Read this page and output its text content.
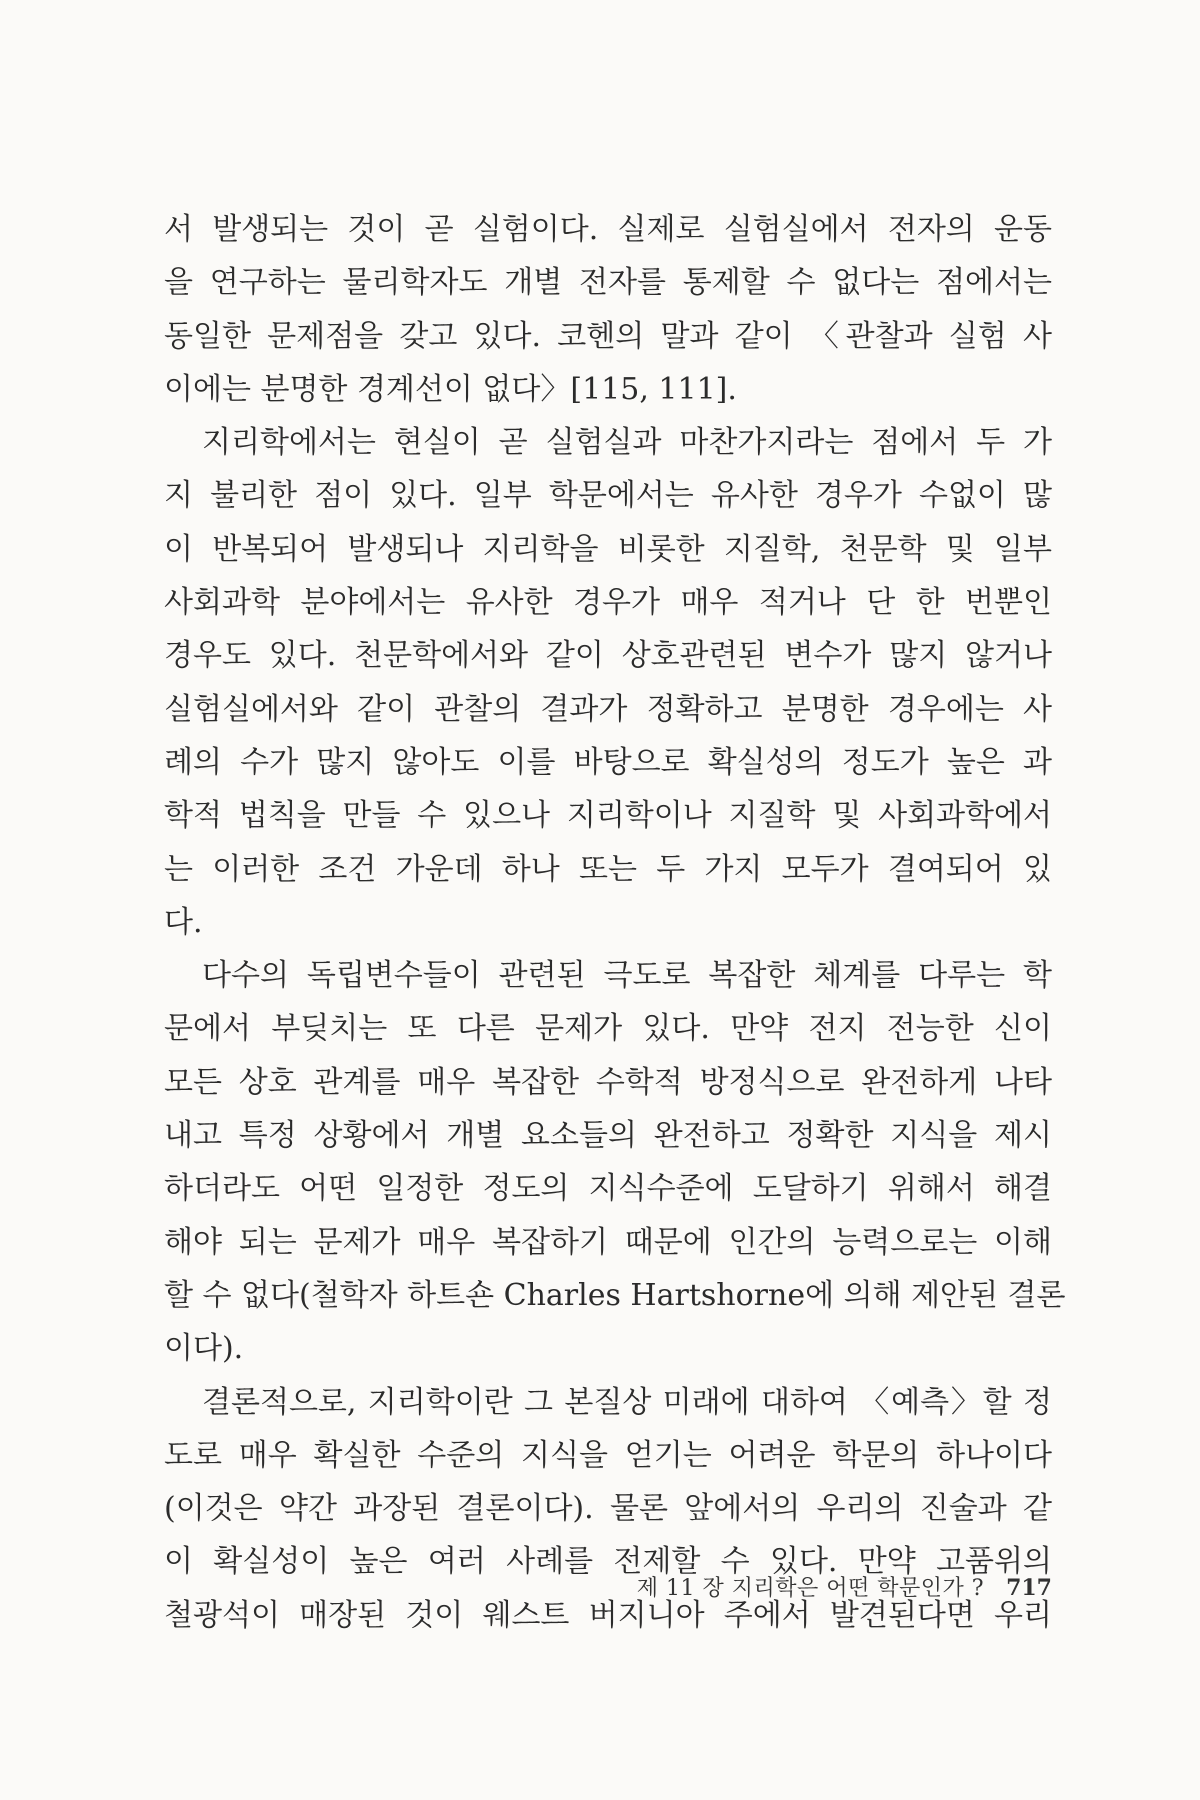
서 발생되는 것이 곧 실험이다. 실제로 실험실에서 전자의 운동
을 연구하는 물리학자도 개별 전자를 통제할 수 없다는 점에서는
동일한 문제점을 갖고 있다. 코헨의 말과 같이 〈관찰과 실험 사
이에는 분명한 경계선이 없다〉[115, 111].
지리학에서는 현실이 곧 실험실과 마찬가지라는 점에서 두 가
지 불리한 점이 있다. 일부 학문에서는 유사한 경우가 수없이 많
이 반복되어 발생되나 지리학을 비롯한 지질학, 천문학 및 일부
사회과학 분야에서는 유사한 경우가 매우 적거나 단 한 번뿐인
경우도 있다. 천문학에서와 같이 상호관련된 변수가 많지 않거나
실험실에서와 같이 관찰의 결과가 정확하고 분명한 경우에는 사
례의 수가 많지 않아도 이를 바탕으로 확실성의 정도가 높은 과
학적 법칙을 만들 수 있으나 지리학이나 지질학 및 사회과학에서
는 이러한 조건 가운데 하나 또는 두 가지 모두가 결여되어 있
다.
다수의 독립변수들이 관련된 극도로 복잡한 체계를 다루는 학
문에서 부딪치는 또 다른 문제가 있다. 만약 전지 전능한 신이
모든 상호 관계를 매우 복잡한 수학적 방정식으로 완전하게 나타
내고 특정 상황에서 개별 요소들의 완전하고 정확한 지식을 제시
하더라도 어떤 일정한 정도의 지식수준에 도달하기 위해서 해결
해야 되는 문제가 매우 복잡하기 때문에 인간의 능력으로는 이해
할 수 없다(철학자 하트숀 Charles Hartshorne에 의해 제안된 결론
이다).
결론적으로, 지리학이란 그 본질상 미래에 대하여 〈예측〉할 정
도로 매우 확실한 수준의 지식을 얻기는 어려운 학문의 하나이다
(이것은 약간 과장된 결론이다). 물론 앞에서의 우리의 진술과 같
이 확실성이 높은 여러 사례를 전제할 수 있다. 만약 고품위의
철광석이 매장된 것이 웨스트 버지니아 주에서 발견된다면 우리
제 11 장 지리학은 어떤 학문인가 ? 717
